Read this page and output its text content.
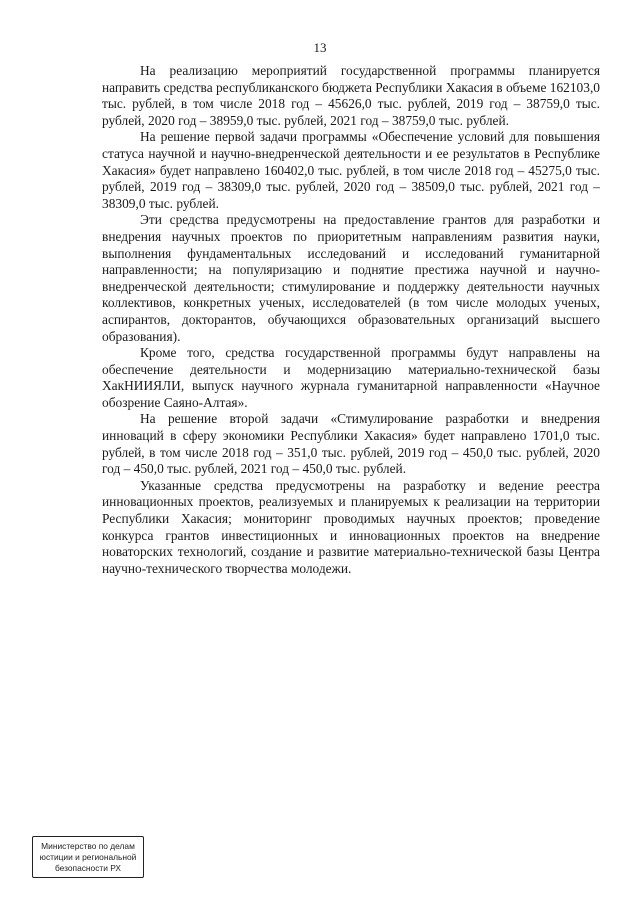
13

На реализацию мероприятий государственной программы планируется направить средства республиканского бюджета Республики Хакасия в объеме 162103,0 тыс. рублей, в том числе 2018 год – 45626,0 тыс. рублей, 2019 год – 38759,0 тыс. рублей, 2020 год – 38959,0 тыс. рублей, 2021 год – 38759,0 тыс. рублей.

На решение первой задачи программы «Обеспечение условий для повышения статуса научной и научно-внедренческой деятельности и ее результатов в Республике Хакасия» будет направлено 160402,0 тыс. рублей, в том числе 2018 год – 45275,0 тыс. рублей, 2019 год – 38309,0 тыс. рублей, 2020 год – 38509,0 тыс. рублей, 2021 год – 38309,0 тыс. рублей.

Эти средства предусмотрены на предоставление грантов для разработки и внедрения научных проектов по приоритетным направлениям развития науки, выполнения фундаментальных исследований и исследований гуманитарной направленности; на популяризацию и поднятие престижа научной и научно-внедренческой деятельности; стимулирование и поддержку деятельности научных коллективов, конкретных ученых, исследователей (в том числе молодых ученых, аспирантов, докторантов, обучающихся образовательных организаций высшего образования).

Кроме того, средства государственной программы будут направлены на обеспечение деятельности и модернизацию материально-технической базы ХакНИИЯЛИ, выпуск научного журнала гуманитарной направленности «Научное обозрение Саяно-Алтая».

На решение второй задачи «Стимулирование разработки и внедрения инноваций в сферу экономики Республики Хакасия» будет направлено 1701,0 тыс. рублей, в том числе 2018 год – 351,0 тыс. рублей, 2019 год – 450,0 тыс. рублей, 2020 год – 450,0 тыс. рублей, 2021 год – 450,0 тыс. рублей.

Указанные средства предусмотрены на разработку и ведение реестра инновационных проектов, реализуемых и планируемых к реализации на территории Республики Хакасия; мониторинг проводимых научных проектов; проведение конкурса грантов инвестиционных и инновационных проектов на внедрение новаторских технологий, создание и развитие материально-технической базы Центра научно-технического творчества молодежи.

Министерство по делам
юстиции и региональной
безопасности РХ
